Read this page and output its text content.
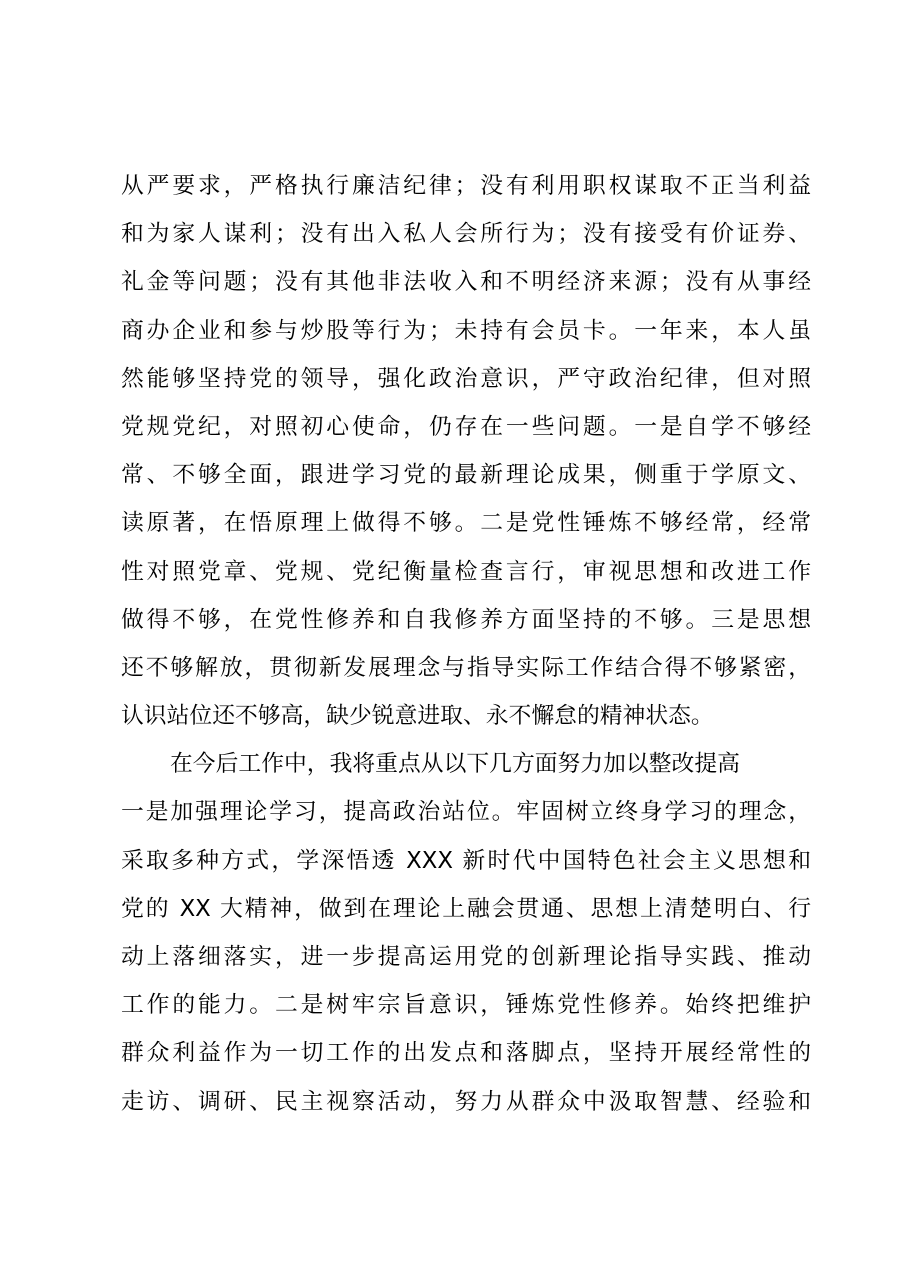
从严要求，严格执行廉洁纪律；没有利用职权谋取不正当利益
和为家人谋利；没有出入私人会所行为；没有接受有价证券、
礼金等问题；没有其他非法收入和不明经济来源；没有从事经
商办企业和参与炒股等行为；未持有会员卡。一年来，本人虽
然能够坚持党的领导，强化政治意识，严守政治纪律，但对照
党规党纪，对照初心使命，仍存在一些问题。一是自学不够经
常、不够全面，跟进学习党的最新理论成果，侧重于学原文、
读原著，在悟原理上做得不够。二是党性锤炼不够经常，经常
性对照党章、党规、党纪衡量检查言行，审视思想和改进工作
做得不够，在党性修养和自我修养方面坚持的不够。三是思想
还不够解放，贯彻新发展理念与指导实际工作结合得不够紧密，
认识站位还不够高，缺少锐意进取、永不懈怠的精神状态。
在今后工作中，我将重点从以下几方面努力加以整改提高
一是加强理论学习，提高政治站位。牢固树立终身学习的理念，
采取多种方式，学深悟透 XXX 新时代中国特色社会主义思想和
党的 XX 大精神，做到在理论上融会贯通、思想上清楚明白、行
动上落细落实，进一步提高运用党的创新理论指导实践、推动
工作的能力。二是树牢宗旨意识，锤炼党性修养。始终把维护
群众利益作为一切工作的出发点和落脚点，坚持开展经常性的
走访、调研、民主视察活动，努力从群众中汲取智慧、经验和
